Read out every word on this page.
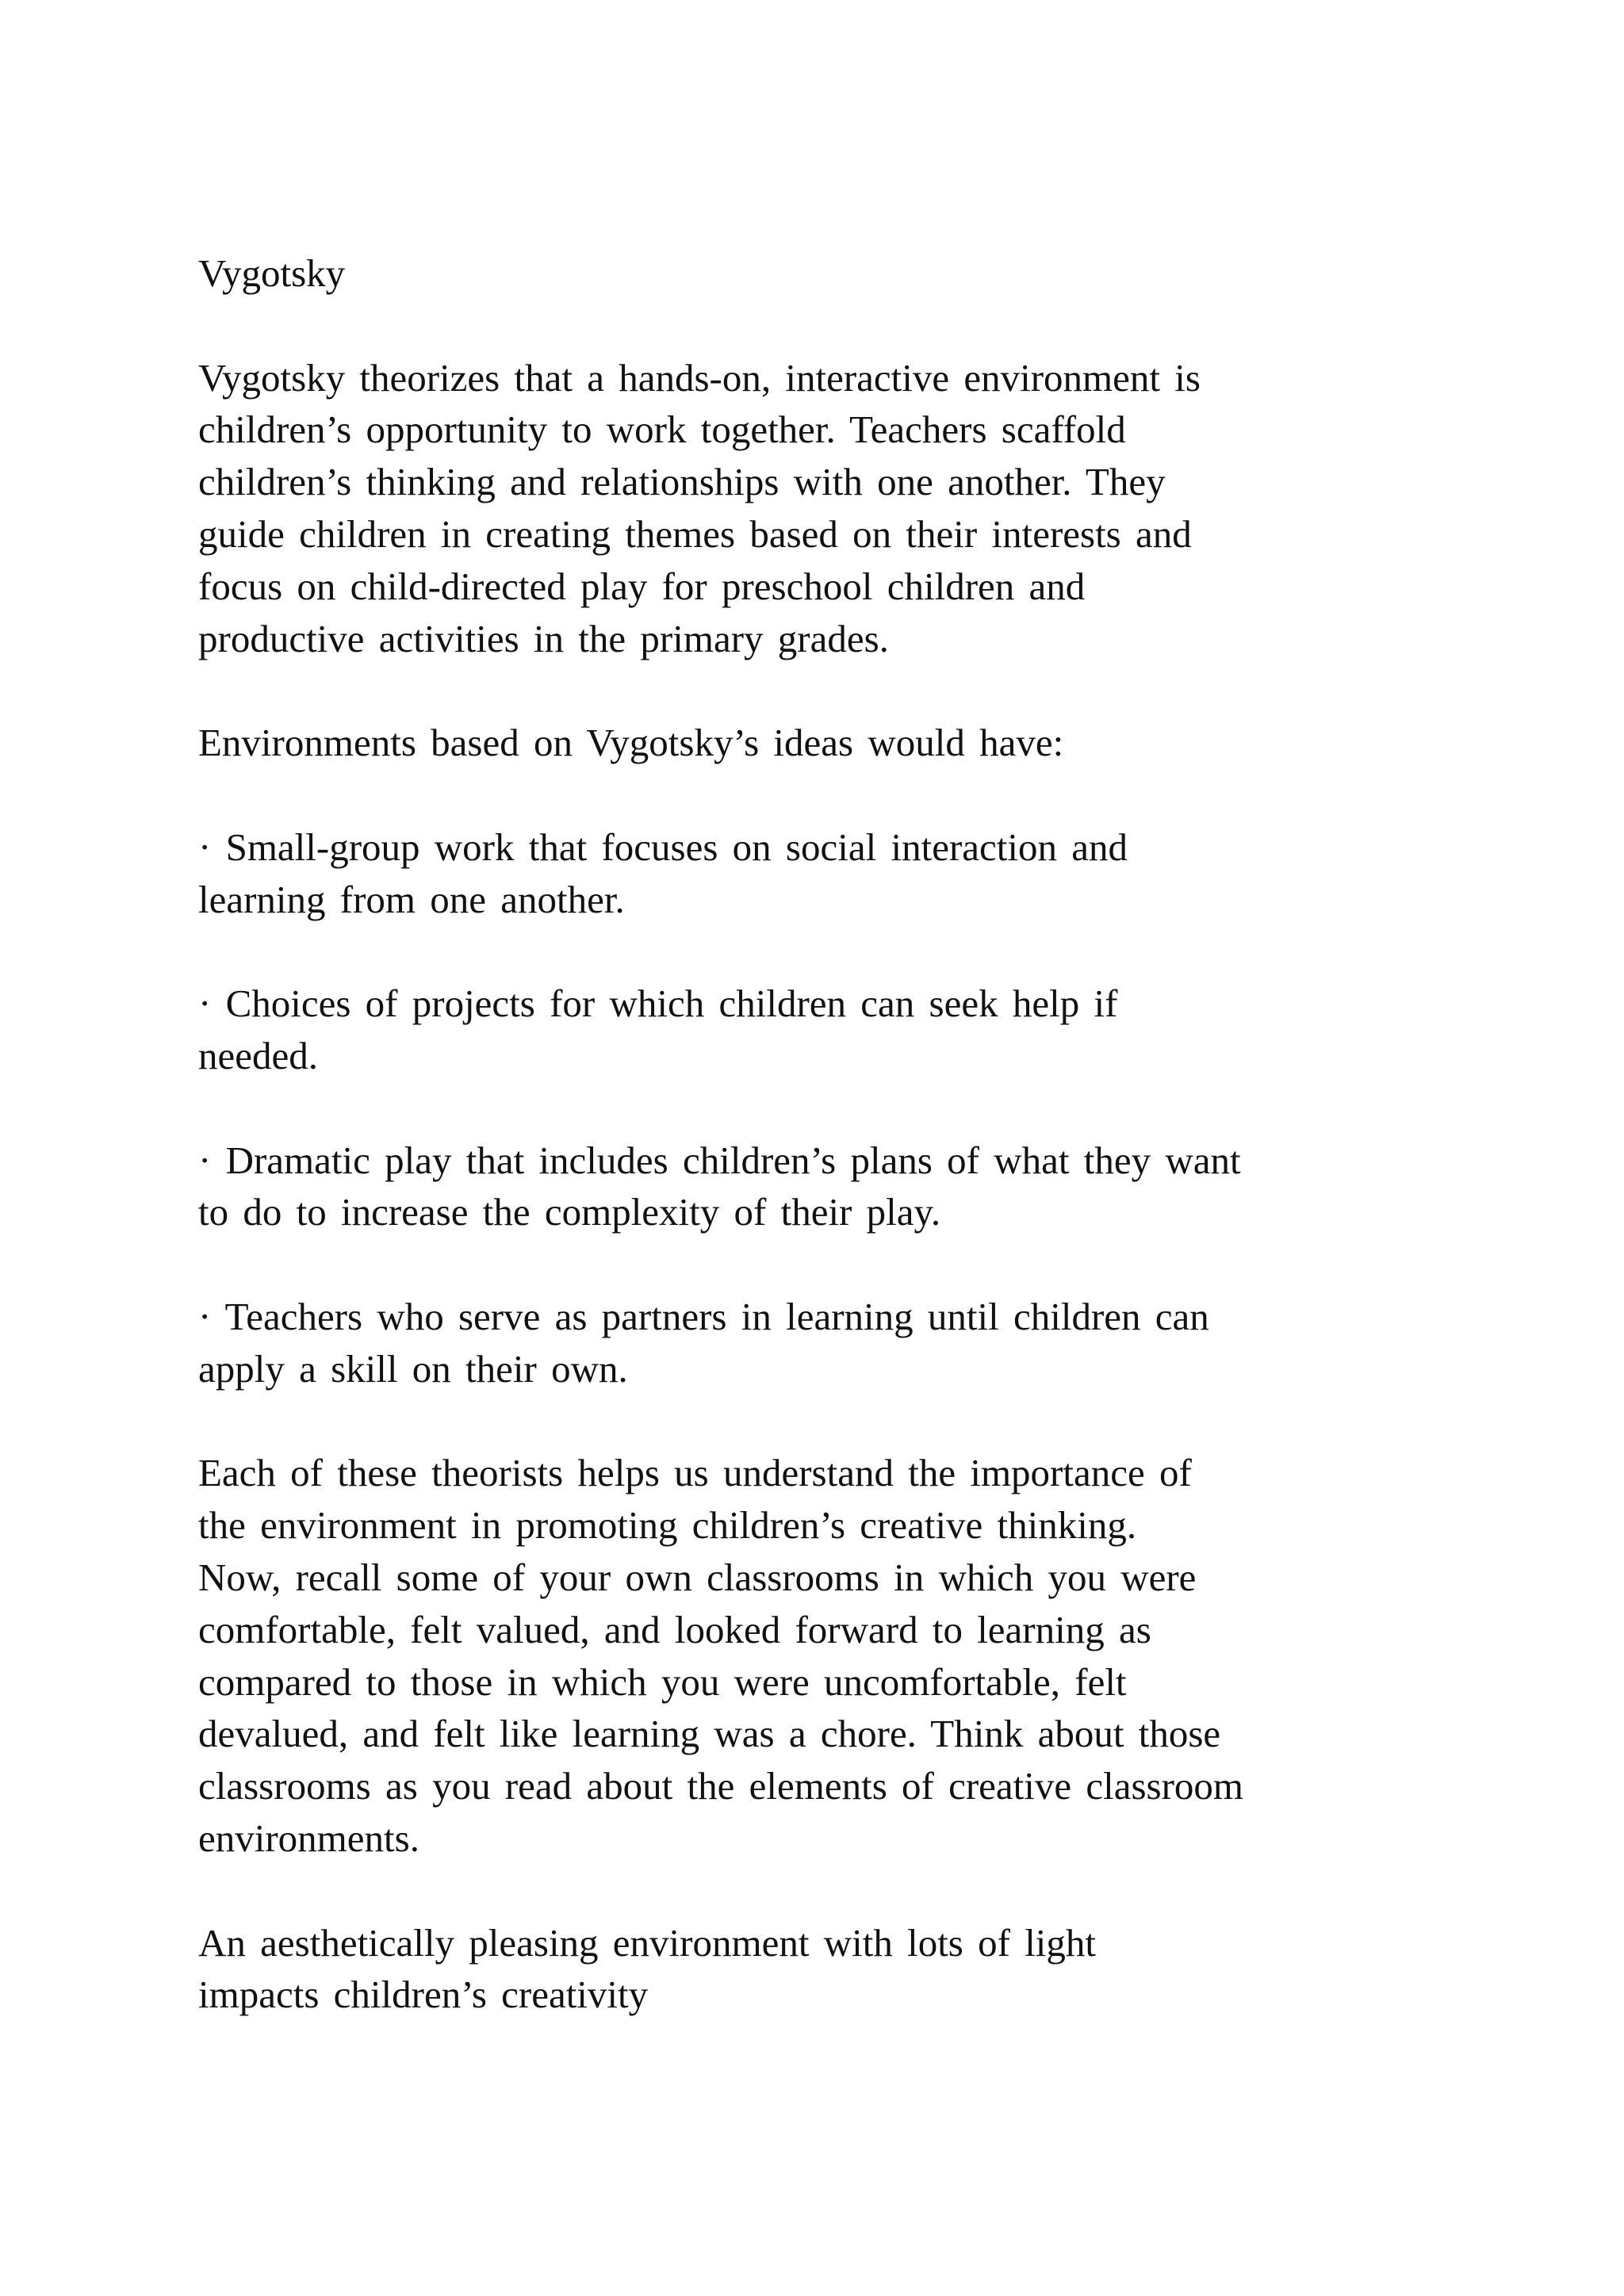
Vygotsky

Vygotsky theorizes that a hands-on, interactive environment is
children’s opportunity to work together. Teachers scaffold
children’s thinking and relationships with one another. They
guide children in creating themes based on their interests and
focus on child-directed play for preschool children and
productive activities in the primary grades.

Environments based on Vygotsky’s ideas would have:

· Small-group work that focuses on social interaction and
learning from one another.

· Choices of projects for which children can seek help if
needed.

· Dramatic play that includes children’s plans of what they want
to do to increase the complexity of their play.

· Teachers who serve as partners in learning until children can
apply a skill on their own.

Each of these theorists helps us understand the importance of
the environment in promoting children’s creative thinking.
Now, recall some of your own classrooms in which you were
comfortable, felt valued, and looked forward to learning as
compared to those in which you were uncomfortable, felt
devalued, and felt like learning was a chore. Think about those
classrooms as you read about the elements of creative classroom
environments.

An aesthetically pleasing environment with lots of light
impacts children’s creativity
